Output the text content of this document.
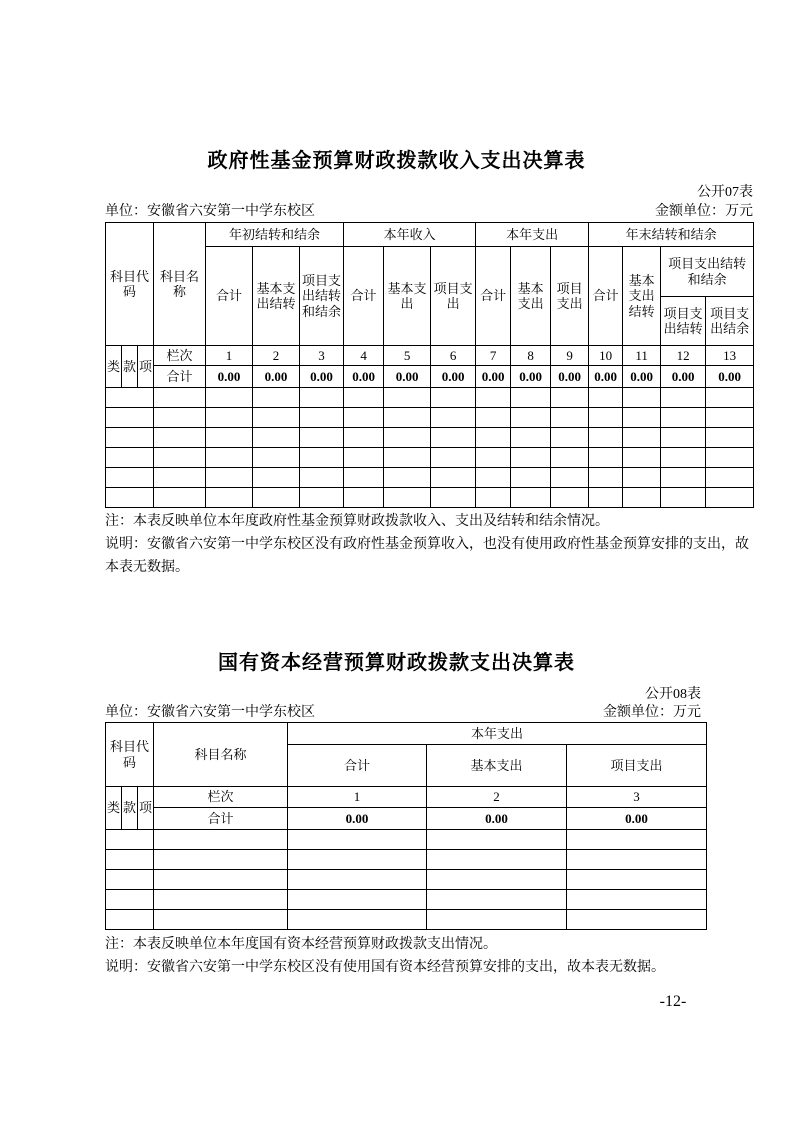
政府性基金预算财政拨款收入支出决算表
公开07表
单位：安徽省六安第一中学东校区	金额单位：万元
科目代码			科目名称	年初结转和结余			本年收入			本年支出			年末结转和结余			
				合计	基本支出结转	项目支出结转和结余	合计	基本支出	项目支出	合计	基本支出	项目支出	合计	基本支出结转	项目支出结转和结余	
															项目支出结转	项目支出结余
类	款	项	栏次	1	2	3	4	5	6	7	8	9	10	11	12	13
			合计	0.00	0.00	0.00	0.00	0.00	0.00	0.00	0.00	0.00	0.00	0.00	0.00	0.00

注：本表反映单位本年度政府性基金预算财政拨款收入、支出及结转和结余情况。
说明：安徽省六安第一中学东校区没有政府性基金预算收入，也没有使用政府性基金预算安排的支出，故本表无数据。
国有资本经营预算财政拨款支出决算表
公开08表
单位：安徽省六安第一中学东校区	金额单位：万元
科目代码			科目名称	本年支出		
				合计	基本支出	项目支出
类	款	项	栏次	1	2	3
			合计	0.00	0.00	0.00

注：本表反映单位本年度国有资本经营预算财政拨款支出情况。
说明：安徽省六安第一中学东校区没有使用国有资本经营预算安排的支出，故本表无数据。
-12-
